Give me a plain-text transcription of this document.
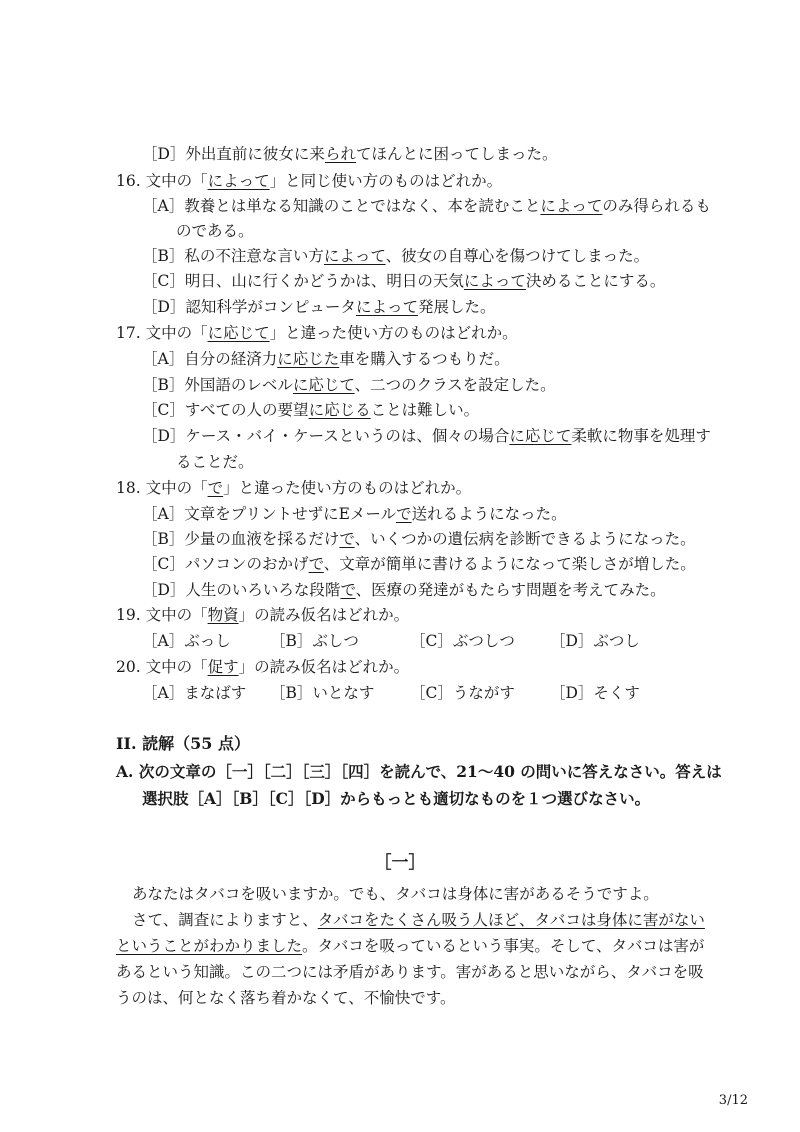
［D］外出直前に彼女に来られてほんとに困ってしまった。
16. 文中の「によって」と同じ使い方のものはどれか。
［A］教養とは単なる知識のことではなく、本を読むことによってのみ得られるも
のである。
［B］私の不注意な言い方によって、彼女の自尊心を傷つけてしまった。
［C］明日、山に行くかどうかは、明日の天気によって決めることにする。
［D］認知科学がコンピュータによって発展した。
17. 文中の「に応じて」と違った使い方のものはどれか。
［A］自分の経済力に応じた車を購入するつもりだ。
［B］外国語のレベルに応じて、二つのクラスを設定した。
［C］すべての人の要望に応じることは難しい。
［D］ケース・バイ・ケースというのは、個々の場合に応じて柔軟に物事を処理す
ることだ。
18. 文中の「で」と違った使い方のものはどれか。
［A］文章をプリントせずにEメールで送れるようになった。
［B］少量の血液を採るだけで、いくつかの遺伝病を診断できるようになった。
［C］パソコンのおかげで、文章が簡単に書けるようになって楽しさが増した。
［D］人生のいろいろな段階で、医療の発達がもたらす問題を考えてみた。
19. 文中の「物資」の読み仮名はどれか。
［A］ぶっし	［B］ぶしつ	［C］ぶつしつ ［D］ぶつし
20. 文中の「促す」の読み仮名はどれか。
［A］まなばす ［B］いとなす ［C］うながす ［D］そくす
II. 読解（55 点）
A. 次の文章の［一］［二］［三］［四］を読んで、21〜40 の問いに答えなさい。答えは
選択肢［A］［B］［C］［D］からもっとも適切なものを１つ選びなさい。
［一］
あなたはタバコを吸いますか。でも、タバコは身体に害があるそうですよ。
さて、調査によりますと、タバコをたくさん吸う人ほど、タバコは身体に害がない
ということがわかりました。タバコを吸っているという事実。そして、タバコは害が
あるという知識。この二つには矛盾があります。害があると思いながら、タバコを吸
うのは、何となく落ち着かなくて、不愉快です。
3/12
